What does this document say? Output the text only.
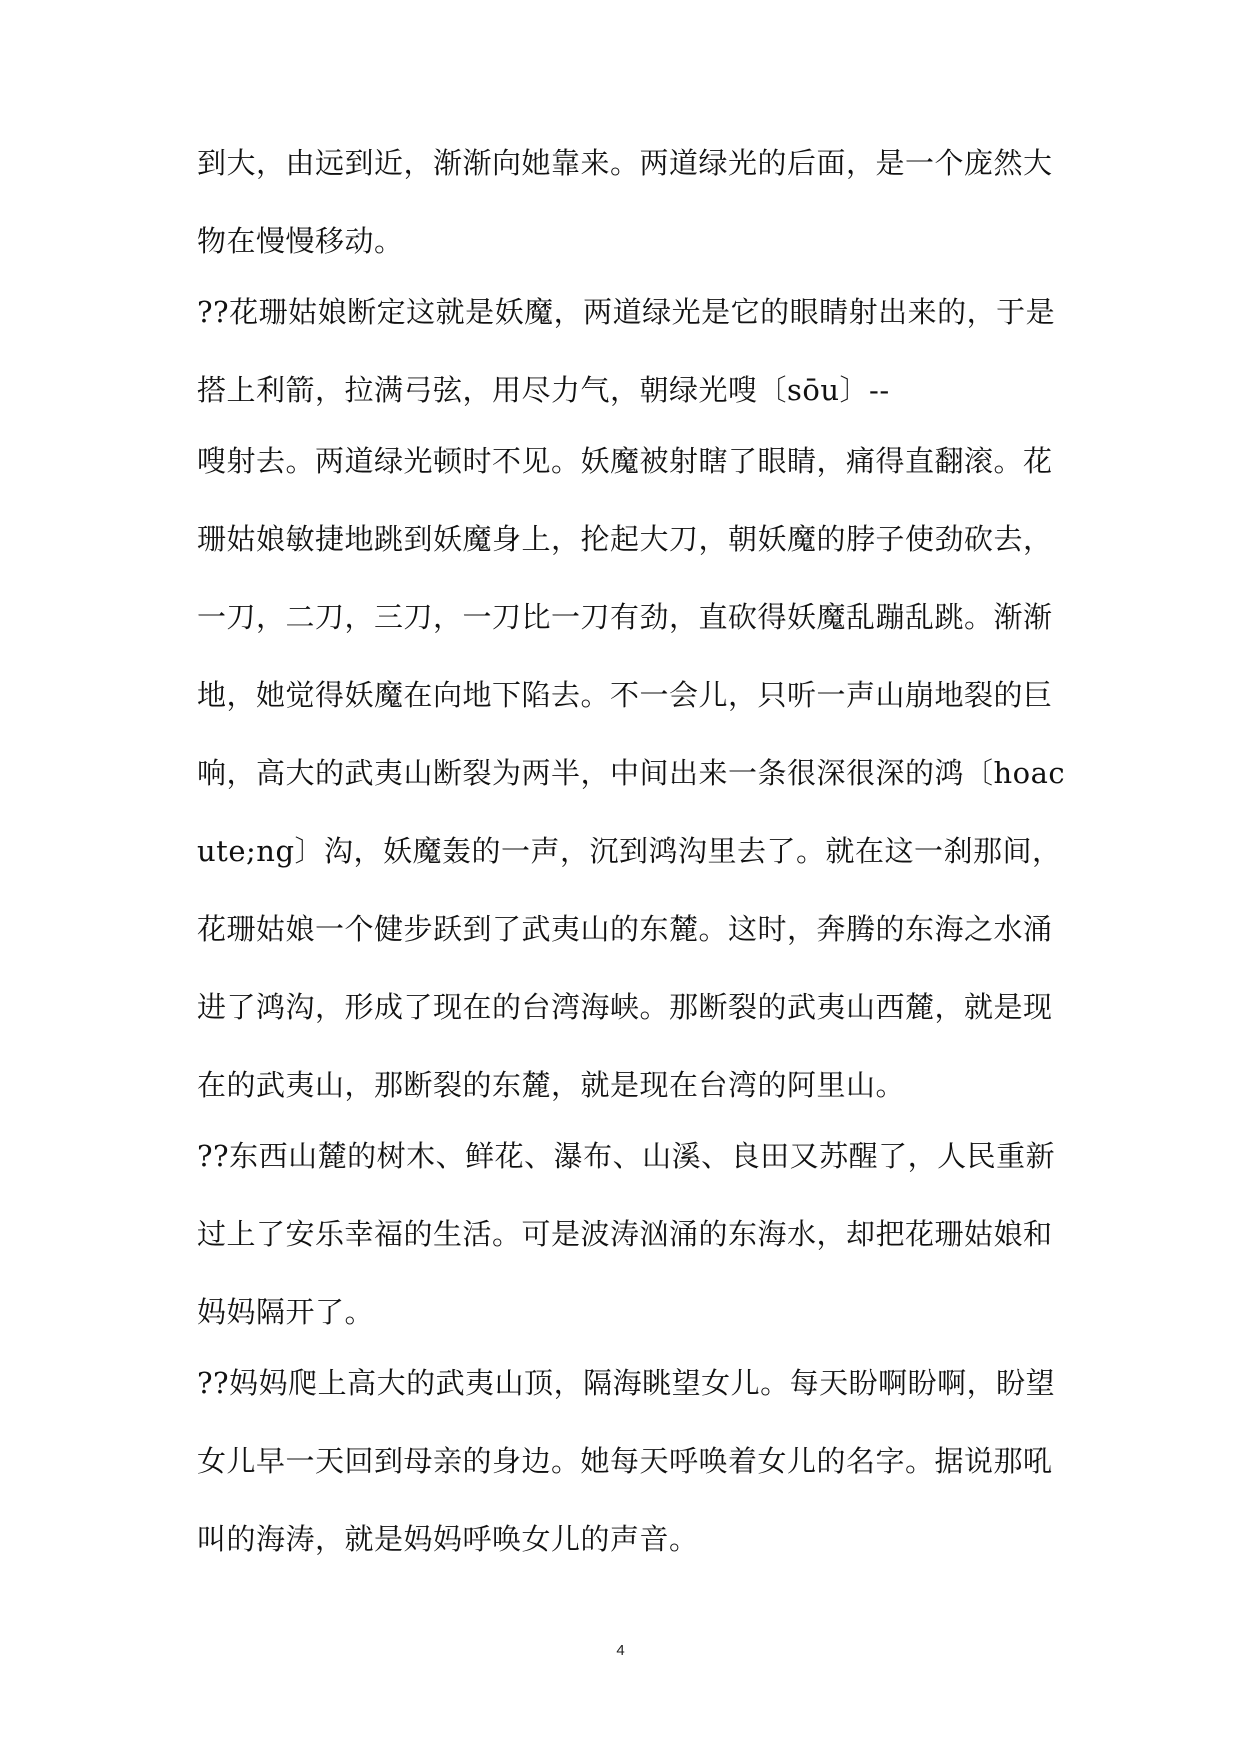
到大，由远到近，渐渐向她靠来。两道绿光的后面，是一个庞然大
物在慢慢移动。
??花珊姑娘断定这就是妖魔，两道绿光是它的眼睛射出来的，于是
搭上利箭，拉满弓弦，用尽力气，朝绿光嗖〔sōu〕--
嗖射去。两道绿光顿时不见。妖魔被射瞎了眼睛，痛得直翻滚。花
珊姑娘敏捷地跳到妖魔身上，抡起大刀，朝妖魔的脖子使劲砍去，
一刀，二刀，三刀，一刀比一刀有劲，直砍得妖魔乱蹦乱跳。渐渐
地，她觉得妖魔在向地下陷去。不一会儿，只听一声山崩地裂的巨
响，高大的武夷山断裂为两半，中间出来一条很深很深的鸿〔hoac
ute;ng〕沟，妖魔轰的一声，沉到鸿沟里去了。就在这一刹那间，
花珊姑娘一个健步跃到了武夷山的东麓。这时，奔腾的东海之水涌
进了鸿沟，形成了现在的台湾海峡。那断裂的武夷山西麓，就是现
在的武夷山，那断裂的东麓，就是现在台湾的阿里山。
??东西山麓的树木、鲜花、瀑布、山溪、良田又苏醒了，人民重新
过上了安乐幸福的生活。可是波涛汹涌的东海水，却把花珊姑娘和
妈妈隔开了。
??妈妈爬上高大的武夷山顶，隔海眺望女儿。每天盼啊盼啊，盼望
女儿早一天回到母亲的身边。她每天呼唤着女儿的名字。据说那吼
叫的海涛，就是妈妈呼唤女儿的声音。
4
